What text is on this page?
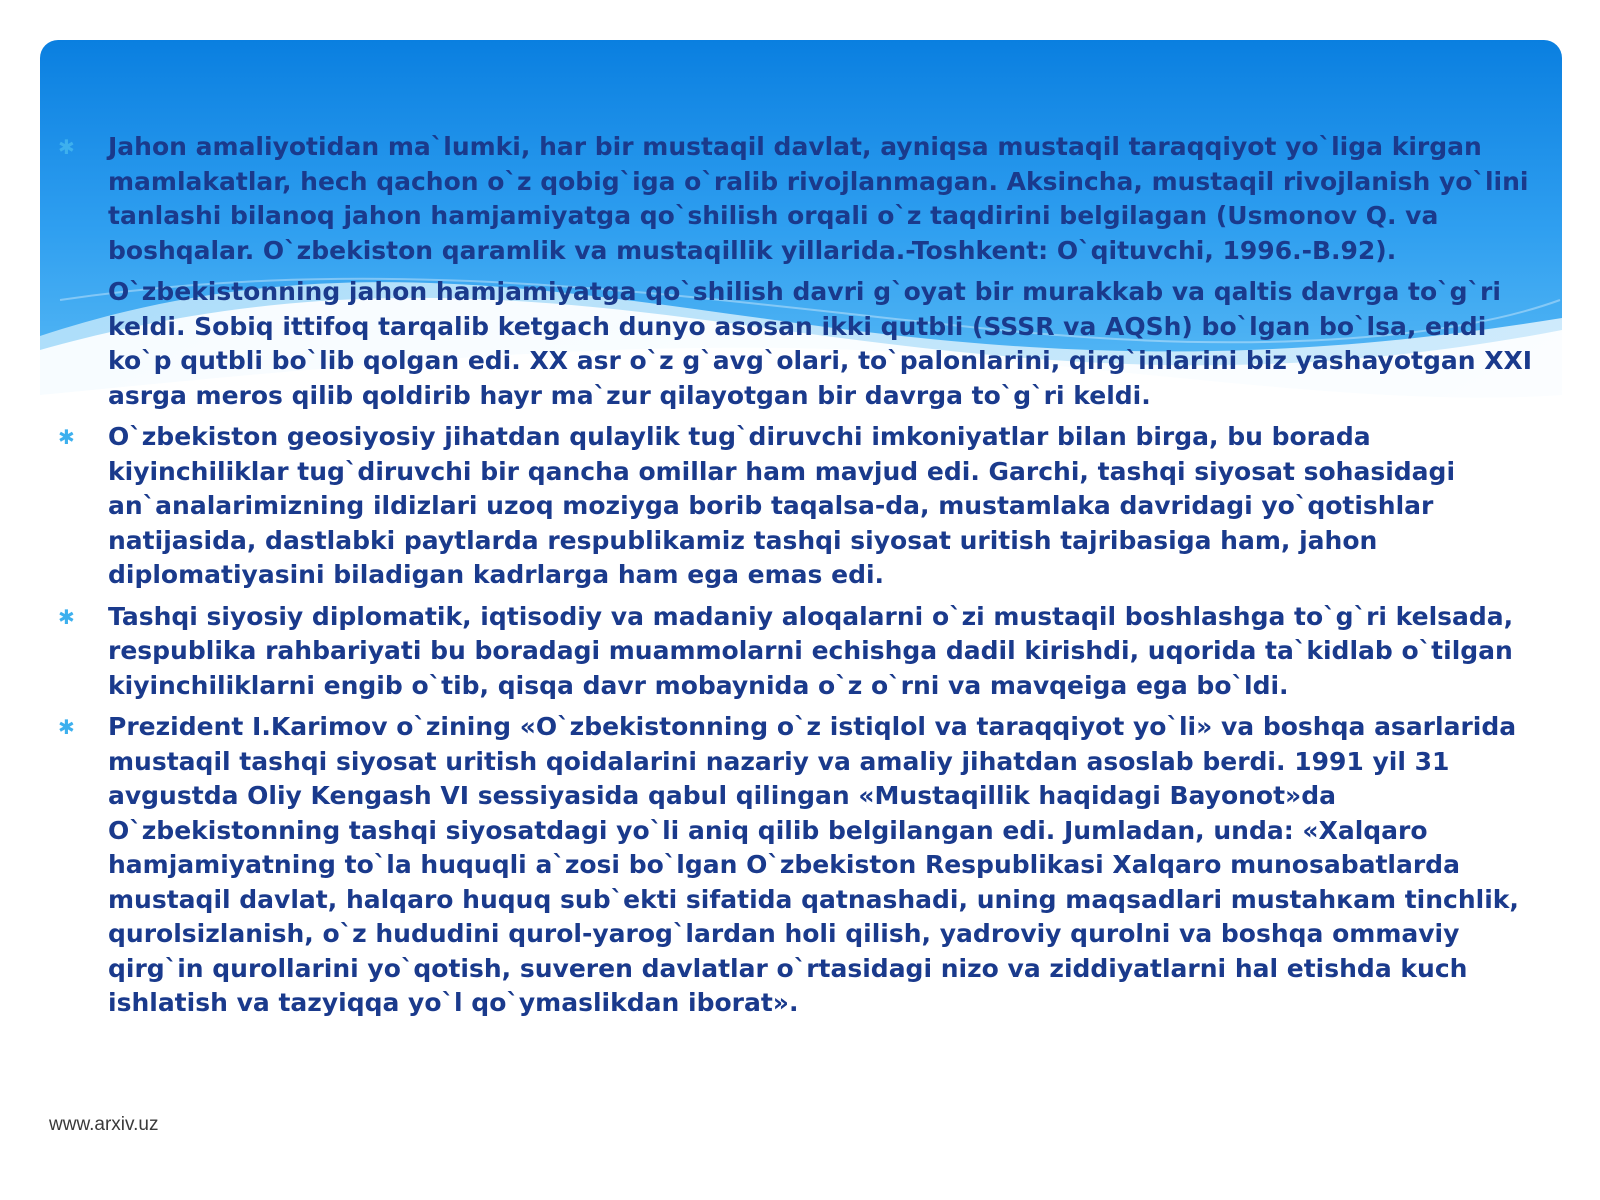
✱ Jahon amaliyotidan ma`lumki, har bir mustaqil davlat, ayniqsa mustaqil taraqqiyot yo`liga kirgan mamlakatlar, hech qachon o`z qobig`iga o`ralib rivojlanmagan. Aksincha, mustaqil rivojlanish yo`lini tanlashi bilanoq jahon hamjamiyatga qo`shilish orqali o`z taqdirini belgilagan (Usmonov Q. va boshqalar. O`zbekiston qaramlik va mustaqillik yillarida.-Toshkent: O`qituvchi, 1996.-B.92).
O`zbekistonning jahon hamjamiyatga qo`shilish davri g`oyat bir murakkab va qaltis davrga to`g`ri keldi. Sobiq ittifoq tarqalib ketgach dunyo asosan ikki qutbli (SSSR va AQSh) bo`lgan bo`lsa, endi ko`p qutbli bo`lib qolgan edi. XX asr o`z g`avg`olari, to`palonlarini, qirg`inlarini biz yashayotgan XXI asrga meros qilib qoldirib hayr ma`zur qilayotgan bir davrga to`g`ri keldi.
✱ O`zbekiston geosiyosiy jihatdan qulaylik tug`diruvchi imkoniyatlar bilan birga, bu borada kiyinchiliklar tug`diruvchi bir qancha omillar ham mavjud edi. Garchi, tashqi siyosat sohasidagi an`analarimizning ildizlari uzoq moziyga borib taqalsa-da, mustamlaka davridagi yo`qotishlar natijasida, dastlabki paytlarda respublikamiz tashqi siyosat uritish tajribasiga ham, jahon diplomatiyasini biladigan kadrlarga ham ega emas edi.
✱ Tashqi siyosiy diplomatik, iqtisodiy va madaniy aloqalarni o`zi mustaqil boshlashga to`g`ri kelsada, respublika rahbariyati bu boradagi muammolarni echishga dadil kirishdi, uqorida ta`kidlab o`tilgan kiyinchiliklarni engib o`tib, qisqa davr mobaynida o`z o`rni va mavqeiga ega bo`ldi.
✱ Prezident I.Karimov o`zining «O`zbekistonning o`z istiqlol va taraqqiyot yo`li» va boshqa asarlarida mustaqil tashqi siyosat uritish qoidalarini nazariy va amaliy jihatdan asoslab berdi. 1991 yil 31 avgustda Oliy Kengash VI sessiyasida qabul qilingan «Mustaqillik haqidagi Bayonot»da O`zbekistonning tashqi siyosatdagi yo`li aniq qilib belgilangan edi. Jumladan, unda: «Xalqaro hamjamiyatning to`la huquqli a`zosi bo`lgan O`zbekiston Respublikasi Xalqaro munosabatlarda mustaqil davlat, halqaro huquq sub`ekti sifatida qatnashadi, uning maqsadlari mustahкam tinchlik, qurolsizlanish, o`z hududini qurol-yarog`lardan holi qilish, yadroviy qurolni va boshqa ommaviy qirg`in qurollarini yo`qotish, suveren davlatlar o`rtasidagi nizo va ziddiyatlarni hal etishda kuch ishlatish va tazyiqqa yo`l qo`ymaslikdan iborat».
www.arxiv.uz
